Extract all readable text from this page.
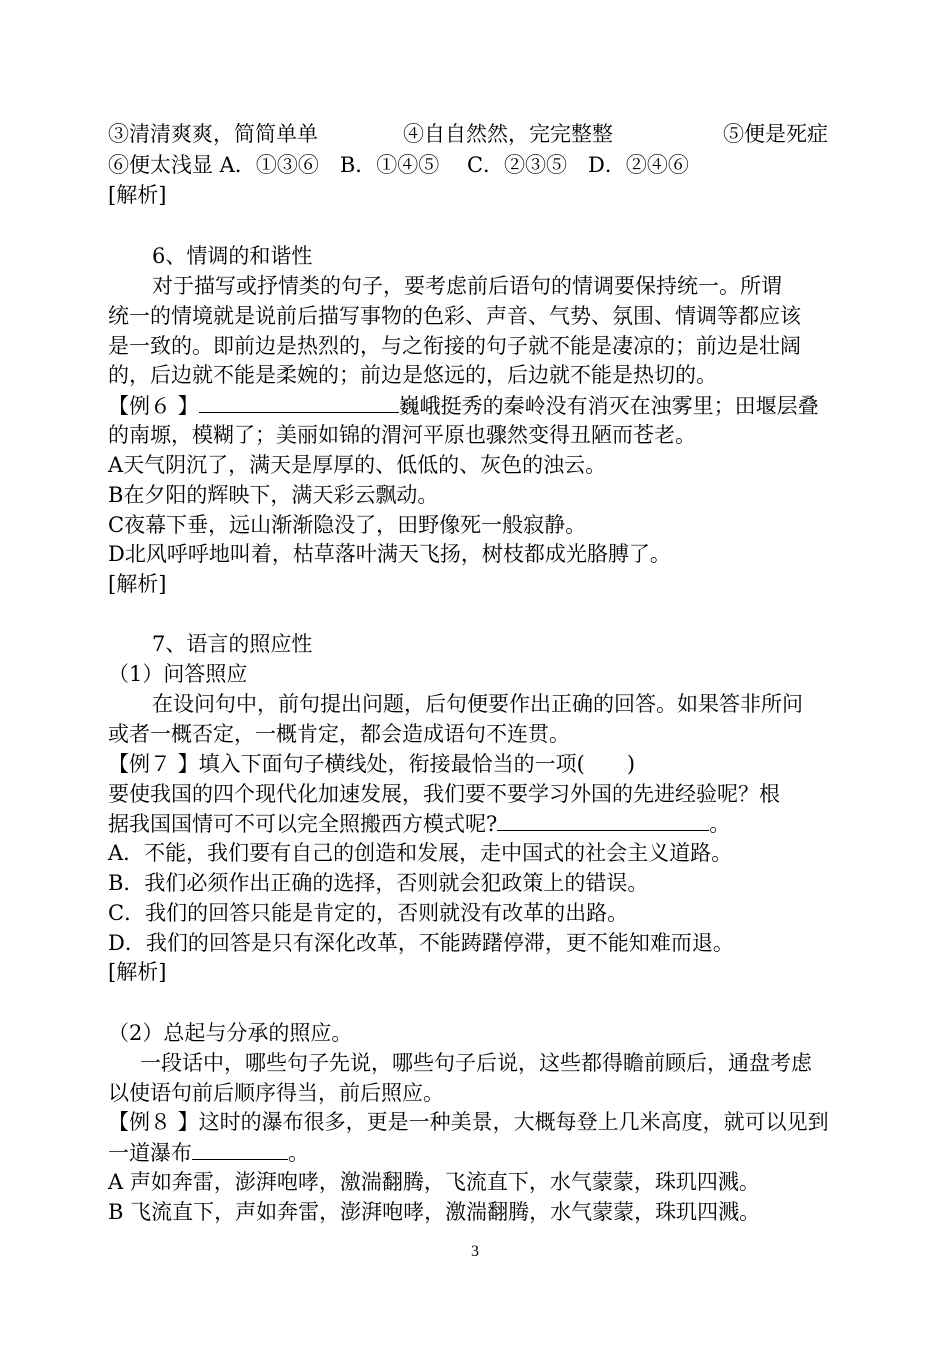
③清清爽爽，简简单单	④自自然然，完完整整	⑤便是死症
⑥便太浅显 A．①③⑥　B．①④⑤　 C．②③⑤　D．②④⑥
[解析]
6、情调的和谐性
对于描写或抒情类的句子，要考虑前后语句的情调要保持统一。所谓
统一的情境就是说前后描写事物的色彩、声音、气势、氛围、情调等都应该
是一致的。即前边是热烈的，与之衔接的句子就不能是凄凉的；前边是壮阔
的，后边就不能是柔婉的；前边是悠远的，后边就不能是热切的。
【例６ 】	巍峨挺秀的秦岭没有消灭在浊雾里；田堰层叠
的南塬，模糊了；美丽如锦的渭河平原也骤然变得丑陋而苍老。
A天气阴沉了，满天是厚厚的、低低的、灰色的浊云。
B在夕阳的辉映下，满天彩云飘动。
C夜幕下垂，远山渐渐隐没了，田野像死一般寂静。
D北风呼呼地叫着，枯草落叶满天飞扬，树枝都成光胳膊了。
[解析]
7、语言的照应性
（1）问答照应
在设问句中，前句提出问题，后句便要作出正确的回答。如果答非所问
或者一概否定，一概肯定，都会造成语句不连贯。
【例７ 】填入下面句子横线处，衔接最恰当的一项(　　)
要使我国的四个现代化加速发展，我们要不要学习外国的先进经验呢？根
据我国国情可不可以完全照搬西方模式呢?	。
A．不能，我们要有自己的创造和发展，走中国式的社会主义道路。
B．我们必须作出正确的选择，否则就会犯政策上的错误。
C．我们的回答只能是肯定的，否则就没有改革的出路。
D．我们的回答是只有深化改革，不能踌躇停滞，更不能知难而退。
[解析]
（2）总起与分承的照应。
一段话中，哪些句子先说，哪些句子后说，这些都得瞻前顾后，通盘考虑
以使语句前后顺序得当，前后照应。
【例８ 】这时的瀑布很多，更是一种美景，大概每登上几米高度，就可以见到
一道瀑布	。
A 声如奔雷，澎湃咆哮，激湍翻腾，飞流直下，水气蒙蒙，珠玑四溅。
B 飞流直下，声如奔雷，澎湃咆哮，激湍翻腾，水气蒙蒙，珠玑四溅。
3
